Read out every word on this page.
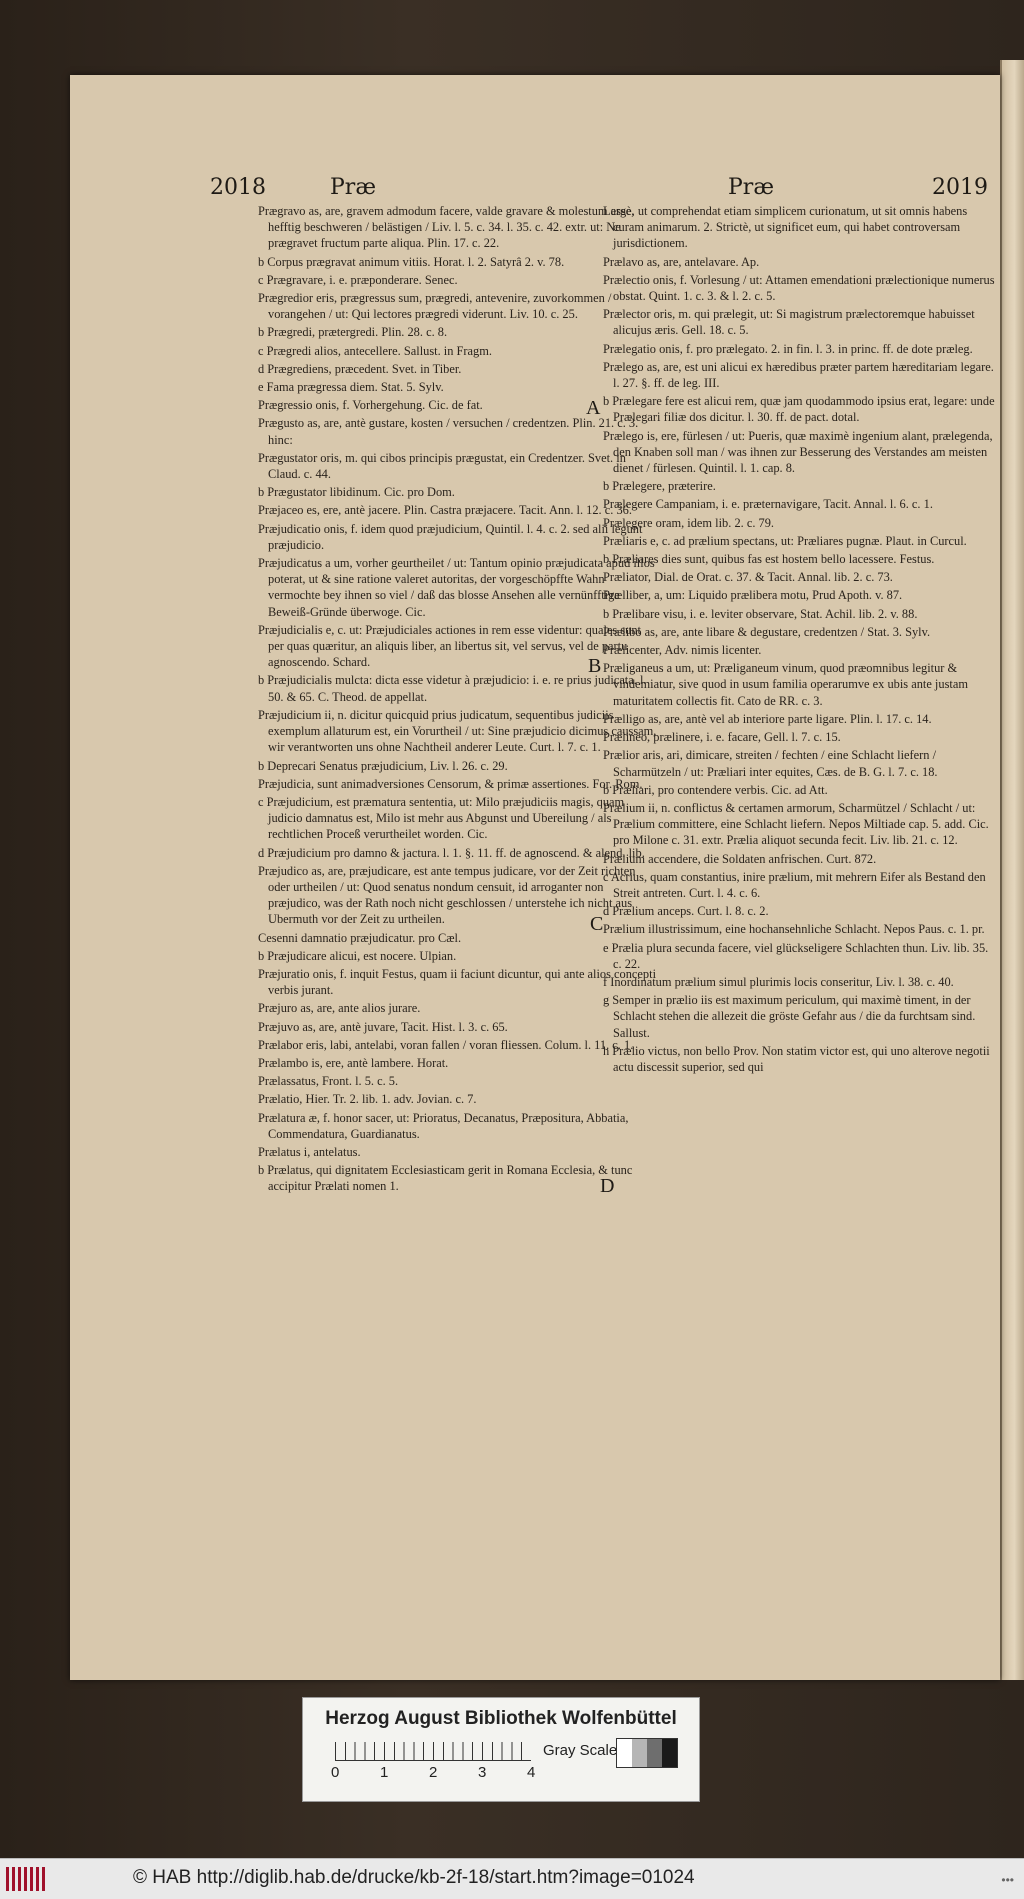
2018	Præ	Præ	2019

Prægravo as, are, gravem admodum facere, valde gravare & molestum esse, hefftig beschweren / belästigen / Liv. l. 5. c. 34. l. 35. c. 42. extr. ut: Ne prægravet fructum parte aliqua. Plin. 17. c. 22.

b Corpus prægravat animum vitiis. Horat. l. 2. Satyrâ 2. v. 78.

c Prægravare, i. e. præponderare. Senec.

Prægredior eris, prægressus sum, prægredi, antevenire, zuvorkommen / vorangehen / ut: Qui lectores prægredi viderunt. Liv. 10. c. 25.

b Prægredi, prætergredi. Plin. 28. c. 8.

c Prægredi alios, antecellere. Sallust. in Fragm.

d Prægrediens, præcedent. Svet. in Tiber.

e Fama prægressa diem. Stat. 5. Sylv.

Prægressio onis, f. Vorhergehung. Cic. de fat.

Prægusto as, are, antè gustare, kosten / versuchen / credentzen. Plin. 21. c. 3. hinc:

Prægustator oris, m. qui cibos principis prægustat, ein Credentzer. Svet. in Claud. c. 44.

b Prægustator libidinum. Cic. pro Dom.

Præjaceo es, ere, antè jacere. Plin. Castra præjacere. Tacit. Ann. l. 12. c. 36.

Præjudicatio onis, f. idem quod præjudicium, Quintil. l. 4. c. 2. sed alii legunt præjudicio.

Præjudicatus a um, vorher geurtheilet / ut: Tantum opinio præjudicata apud illos poterat, ut & sine ratione valeret autoritas, der vorgeschöpffte Wahn vermochte bey ihnen so viel / daß das blosse Ansehen alle vernünfftige Beweiß-Gründe überwoge. Cic.

Præjudicialis e, c. ut: Præjudiciales actiones in rem esse videntur: quales sunt per quas quæritur, an aliquis liber, an libertus sit, vel servus, vel de partu agnoscendo. Schard.

b Præjudicialis mulcta: dicta esse videtur à præjudicio: i. e. re prius judicata. l. 50. & 65. C. Theod. de appellat.

Præjudicium ii, n. dicitur quicquid prius judicatum, sequentibus judiciis exemplum allaturum est, ein Vorurtheil / ut: Sine præjudicio dicimus caussam, wir verantworten uns ohne Nachtheil anderer Leute. Curt. l. 7. c. 1.

b Deprecari Senatus præjudicium, Liv. l. 26. c. 29.

Præjudicia, sunt animadversiones Censorum, & primæ assertiones. For. Rom.

c Præjudicium, est præmatura sententia, ut: Milo præjudiciis magis, quam judicio damnatus est, Milo ist mehr aus Abgunst und Ubereilung / als rechtlichen Proceß verurtheilet worden. Cic.

d Præjudicium pro damno & jactura. l. 1. §. 11. ff. de agnoscend. & alend. lib.

Præjudico as, are, præjudicare, est ante tempus judicare, vor der Zeit richten oder urtheilen / ut: Quod senatus nondum censuit, id arroganter non præjudico, was der Rath noch nicht geschlossen / unterstehe ich nicht aus Ubermuth vor der Zeit zu urtheilen.

Cesenni damnatio præjudicatur. pro Cæl.

b Præjudicare alicui, est nocere. Ulpian.

Præjuratio onis, f. inquit Festus, quam ii faciunt dicuntur, qui ante alios concepti verbis jurant.

Præjuro as, are, ante alios jurare.

Præjuvo as, are, antè juvare, Tacit. Hist. l. 3. c. 65.

Prælabor eris, labi, antelabi, voran fallen / voran fliessen. Colum. l. 11. c. 1.

Prælambo is, ere, antè lambere. Horat.

Prælassatus, Front. l. 5. c. 5.

Prælatio, Hier. Tr. 2. lib. 1. adv. Jovian. c. 7.

Prælatura æ, f. honor sacer, ut: Prioratus, Decanatus, Præpositura, Abbatia, Commendatura, Guardianatus.

Prælatus i, antelatus.

b Prælatus, qui dignitatem Ecclesiasticam gerit in Romana Ecclesia, & tunc accipitur Prælati nomen 1.

Largè, ut comprehendat etiam simplicem curionatum, ut sit omnis habens curam animarum. 2. Strictè, ut significet eum, qui habet controversam jurisdictionem.

Prælavo as, are, antelavare. Ap.

Prælectio onis, f. Vorlesung / ut: Attamen emendationi prælectionique numerus obstat. Quint. 1. c. 3. & l. 2. c. 5.

Prælector oris, m. qui prælegit, ut: Si magistrum prælectoremque habuisset alicujus æris. Gell. 18. c. 5.

Prælegatio onis, f. pro prælegato. 2. in fin. l. 3. in princ. ff. de dote præleg.

Prælego as, are, est uni alicui ex hæredibus præter partem hæreditariam legare. l. 27. §. ff. de leg. III.

b Prælegare fere est alicui rem, quæ jam quodammodo ipsius erat, legare: unde Prælegari filiæ dos dicitur. l. 30. ff. de pact. dotal.

Prælego is, ere, fürlesen / ut: Pueris, quæ maximè ingenium alant, prælegenda, den Knaben soll man / was ihnen zur Besserung des Verstandes am meisten dienet / fürlesen. Quintil. l. 1. cap. 8.

b Prælegere, præterire.

Prælegere Campaniam, i. e. præternavigare, Tacit. Annal. l. 6. c. 1.

Prælegere oram, idem lib. 2. c. 79.

Præliaris e, c. ad prælium spectans, ut: Præliares pugnæ. Plaut. in Curcul.

b Præliares dies sunt, quibus fas est hostem bello lacessere. Festus.

Præliator, Dial. de Orat. c. 37. & Tacit. Annal. lib. 2. c. 73.

Prælliber, a, um: Liquido prælibera motu, Prud Apoth. v. 87.

b Prælibare visu, i. e. leviter observare, Stat. Achil. lib. 2. v. 88.

Prælibo as, are, ante libare & degustare, credentzen / Stat. 3. Sylv.

Prælicenter, Adv. nimis licenter.

Præliganeus a um, ut: Præliganeum vinum, quod præomnibus legitur & vindemiatur, sive quod in usum familia operarumve ex ubis ante justam maturitatem collectis fit. Cato de RR. c. 3.

Prælligo as, are, antè vel ab interiore parte ligare. Plin. l. 17. c. 14.

Prælineo, prælinere, i. e. facare, Gell. l. 7. c. 15.

Prælior aris, ari, dimicare, streiten / fechten / eine Schlacht liefern / Scharmützeln / ut: Præliari inter equites, Cæs. de B. G. l. 7. c. 18.

b Præliari, pro contendere verbis. Cic. ad Att.

Prælium ii, n. conflictus & certamen armorum, Scharmützel / Schlacht / ut: Prælium committere, eine Schlacht liefern. Nepos Miltiade cap. 5. add. Cic. pro Milone c. 31. extr. Prælia aliquot secunda fecit. Liv. lib. 21. c. 12.

Prælium accendere, die Soldaten anfrischen. Curt. 872.

c Acrius, quam constantius, inire prælium, mit mehrern Eifer als Bestand den Streit antreten. Curt. l. 4. c. 6.

d Prælium anceps. Curt. l. 8. c. 2.

Prælium illustrissimum, eine hochansehnliche Schlacht. Nepos Paus. c. 1. pr.

e Prælia plura secunda facere, viel glückseligere Schlachten thun. Liv. lib. 35. c. 22.

f Inordinatum prælium simul plurimis locis conseritur, Liv. l. 38. c. 40.

g Semper in prælio iis est maximum periculum, qui maximè timent, in der Schlacht stehen die allezeit die gröste Gefahr aus / die da furchtsam sind. Sallust.

h Prælio victus, non bello Prov. Non statim victor est, qui uno alterove negotii actu discessit superior, sed qui

A
B
C
D
Herzog August Bibliothek Wolfenbüttel
0	1	2	3	4
Gray Scale
© HAB http://diglib.hab.de/drucke/kb-2f-18/start.htm?image=01024	•••
